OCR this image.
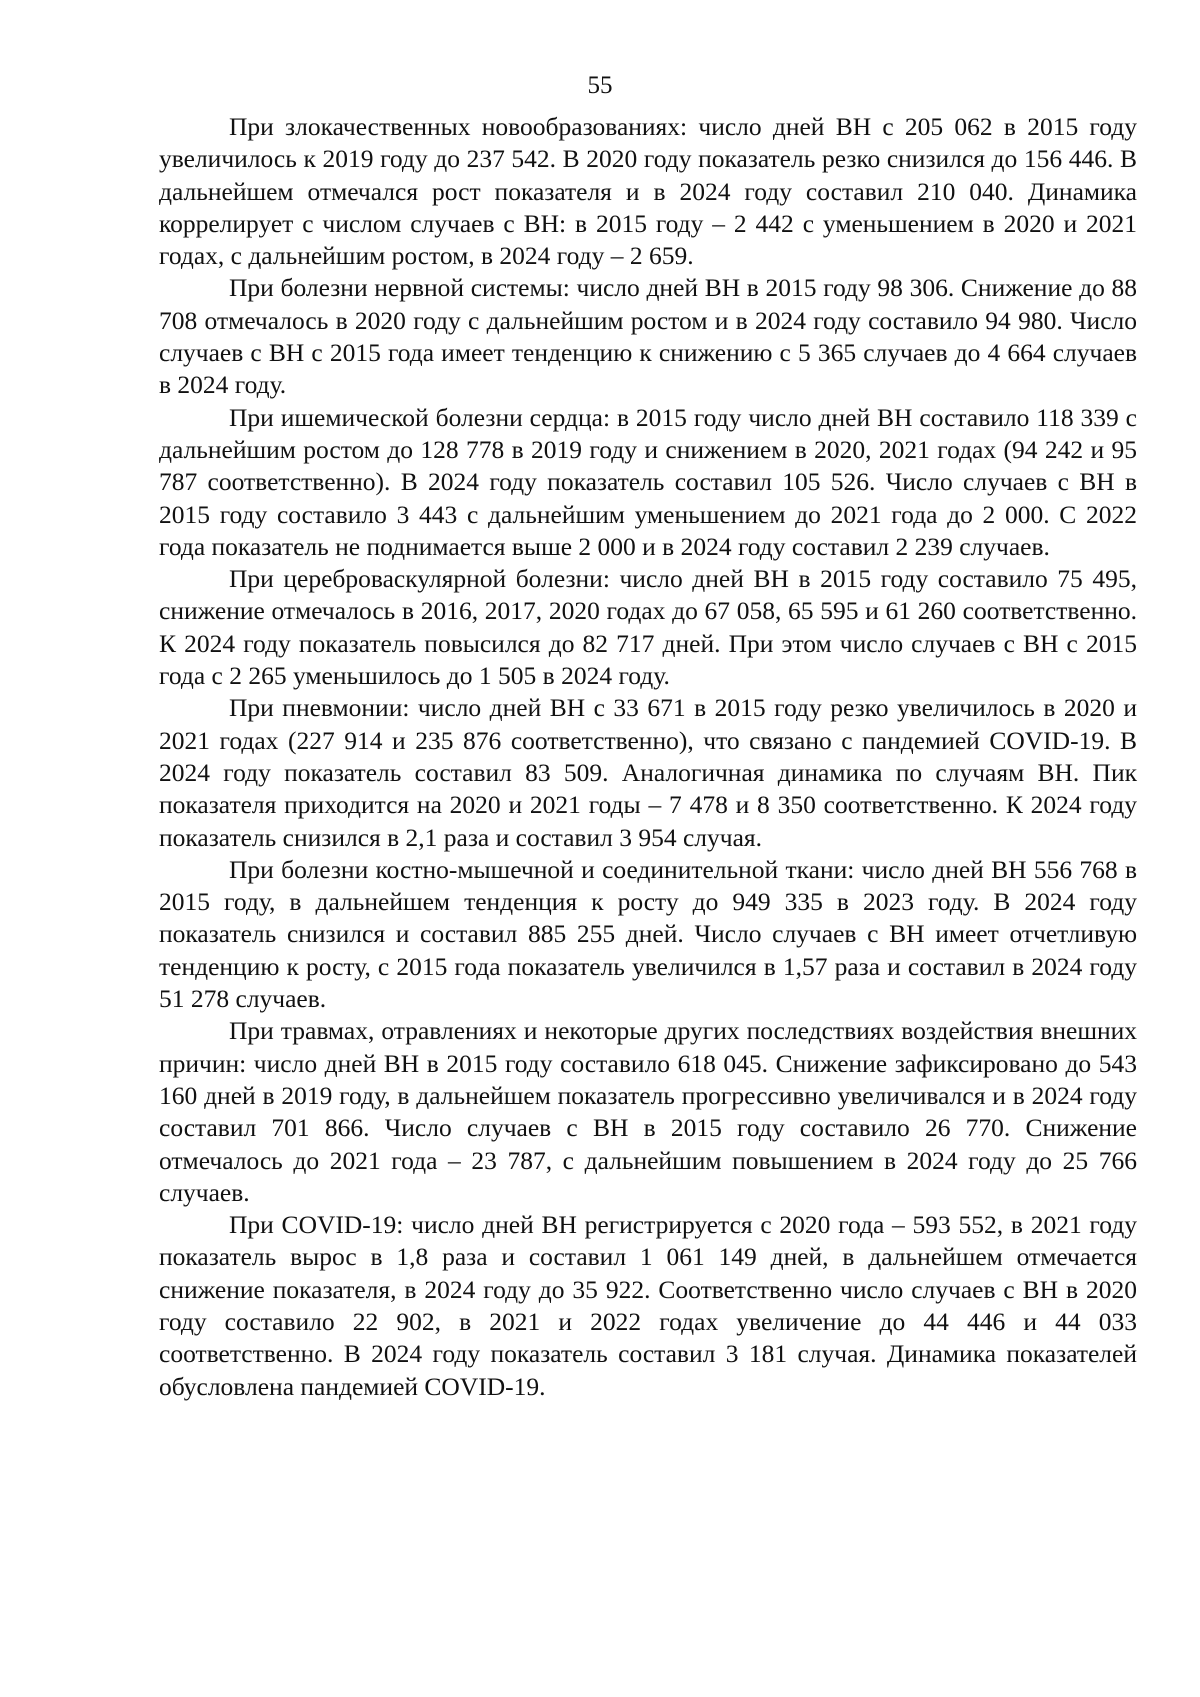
55

При злокачественных новообразованиях: число дней ВН с 205 062 в 2015 году увеличилось к 2019 году до 237 542. В 2020 году показатель резко снизился до 156 446. В дальнейшем отмечался рост показателя и в 2024 году составил 210 040. Динамика коррелирует с числом случаев с ВН: в 2015 году – 2 442 с уменьшением в 2020 и 2021 годах, с дальнейшим ростом, в 2024 году – 2 659.

При болезни нервной системы: число дней ВН в 2015 году 98 306. Снижение до 88 708 отмечалось в 2020 году с дальнейшим ростом и в 2024 году составило 94 980. Число случаев с ВН с 2015 года имеет тенденцию к снижению с 5 365 случаев до 4 664 случаев в 2024 году.

При ишемической болезни сердца: в 2015 году число дней ВН составило 118 339 с дальнейшим ростом до 128 778 в 2019 году и снижением в 2020, 2021 годах (94 242 и 95 787 соответственно). В 2024 году показатель составил 105 526. Число случаев с ВН в 2015 году составило 3 443 с дальнейшим уменьшением до 2021 года до 2 000. С 2022 года показатель не поднимается выше 2 000 и в 2024 году составил 2 239 случаев.

При цереброваскулярной болезни: число дней ВН в 2015 году составило 75 495, снижение отмечалось в 2016, 2017, 2020 годах до 67 058, 65 595 и 61 260 соответственно. К 2024 году показатель повысился до 82 717 дней. При этом число случаев с ВН с 2015 года с 2 265 уменьшилось до 1 505 в 2024 году.

При пневмонии: число дней ВН с 33 671 в 2015 году резко увеличилось в 2020 и 2021 годах (227 914 и 235 876 соответственно), что связано с пандемией COVID-19. В 2024 году показатель составил 83 509. Аналогичная динамика по случаям ВН. Пик показателя приходится на 2020 и 2021 годы – 7 478 и 8 350 соответственно. К 2024 году показатель снизился в 2,1 раза и составил 3 954 случая.

При болезни костно-мышечной и соединительной ткани: число дней ВН 556 768 в 2015 году, в дальнейшем тенденция к росту до 949 335 в 2023 году. В 2024 году показатель снизился и составил 885 255 дней. Число случаев с ВН имеет отчетливую тенденцию к росту, с 2015 года показатель увеличился в 1,57 раза и составил в 2024 году 51 278 случаев.

При травмах, отравлениях и некоторые других последствиях воздействия внешних причин: число дней ВН в 2015 году составило 618 045. Снижение зафиксировано до 543 160 дней в 2019 году, в дальнейшем показатель прогрессивно увеличивался и в 2024 году составил 701 866. Число случаев с ВН в 2015 году составило 26 770. Снижение отмечалось до 2021 года – 23 787, с дальнейшим повышением в 2024 году до 25 766 случаев.

При COVID-19: число дней ВН регистрируется с 2020 года – 593 552, в 2021 году показатель вырос в 1,8 раза и составил 1 061 149 дней, в дальнейшем отмечается снижение показателя, в 2024 году до 35 922. Соответственно число случаев с ВН в 2020 году составило 22 902, в 2021 и 2022 годах увеличение до 44 446 и 44 033 соответственно. В 2024 году показатель составил 3 181 случая. Динамика показателей обусловлена пандемией COVID-19.
